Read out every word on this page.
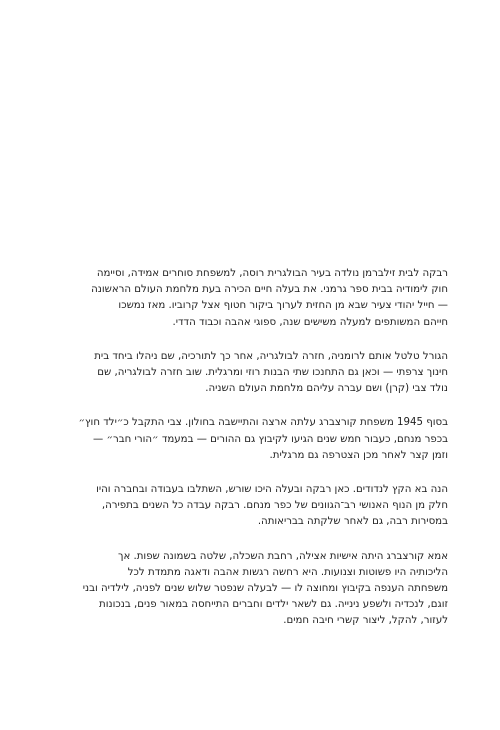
רבקה לבית זילברמן נולדה בעיר הבולגרית רוסה, למשפחת סוחרים אמידה, וסיימה
חוק לימודיה בבית ספר גרמני. את בעלה חיים הכירה בעת מלחמת העולם הראשונה
— חייל יהודי צעיר שבא מן החזית לערוך ביקור חטוף אצל קרוביו. מאז נמשכו
חייהם המשותפים למעלה משישים שנה, ספוגי אהבה וכבוד הדדי.

הגורל טלטל אותם לרומניה, חזרה לבולגריה, אחר כך לתורכיה, שם ניהלו ביחד בית
חינוך צרפתי — וכאן גם התחנכו שתי הבנות רוזי ומרגלית. שוב חזרה לבולגריה, שם
נולד צבי (קרן) ושם עברה עליהם מלחמת העולם השניה.

בסוף 1945 משפחת קורצברג עלתה ארצה והתיישבה בחולון. צבי התקבל כ״ילד חוץ״
בכפר מנחם, כעבור חמש שנים הגיעו לקיבוץ גם ההורים — במעמד ״הורי חבר״ —
וזמן קצר לאחר מכן הצטרפה גם מרגלית.

הנה בא הקץ לנדודים. כאן רבקה ובעלה היכו שורש, השתלבו בעבודה ובחברה והיו
חלק מן הנוף האנושי רב־הגוונים של כפר מנחם. רבקה עבדה כל השנים בתפירה,
במסירות רבה, גם לאחר שלקתה בבריאותה.

אמא קורצברג היתה אישיות אצילה, רחבת השכלה, שלטה בשמונה שפות. אך
הליכותיה היו פשוטות וצנועות. היא רחשה רגשות אהבה ודאגה מתמדת לכל
משפחתה הענפה בקיבוץ ומחוצה לו — לבעלה שנפטר שלוש שנים לפניה, לילדיה ובני
זוגם, לנכדיה ולשפע נינייה. גם לשאר ילדים וחברים התייחסה במאור פנים, בנכונות
לעזור, להקל, ליצור קשרי חיבה חמים.
